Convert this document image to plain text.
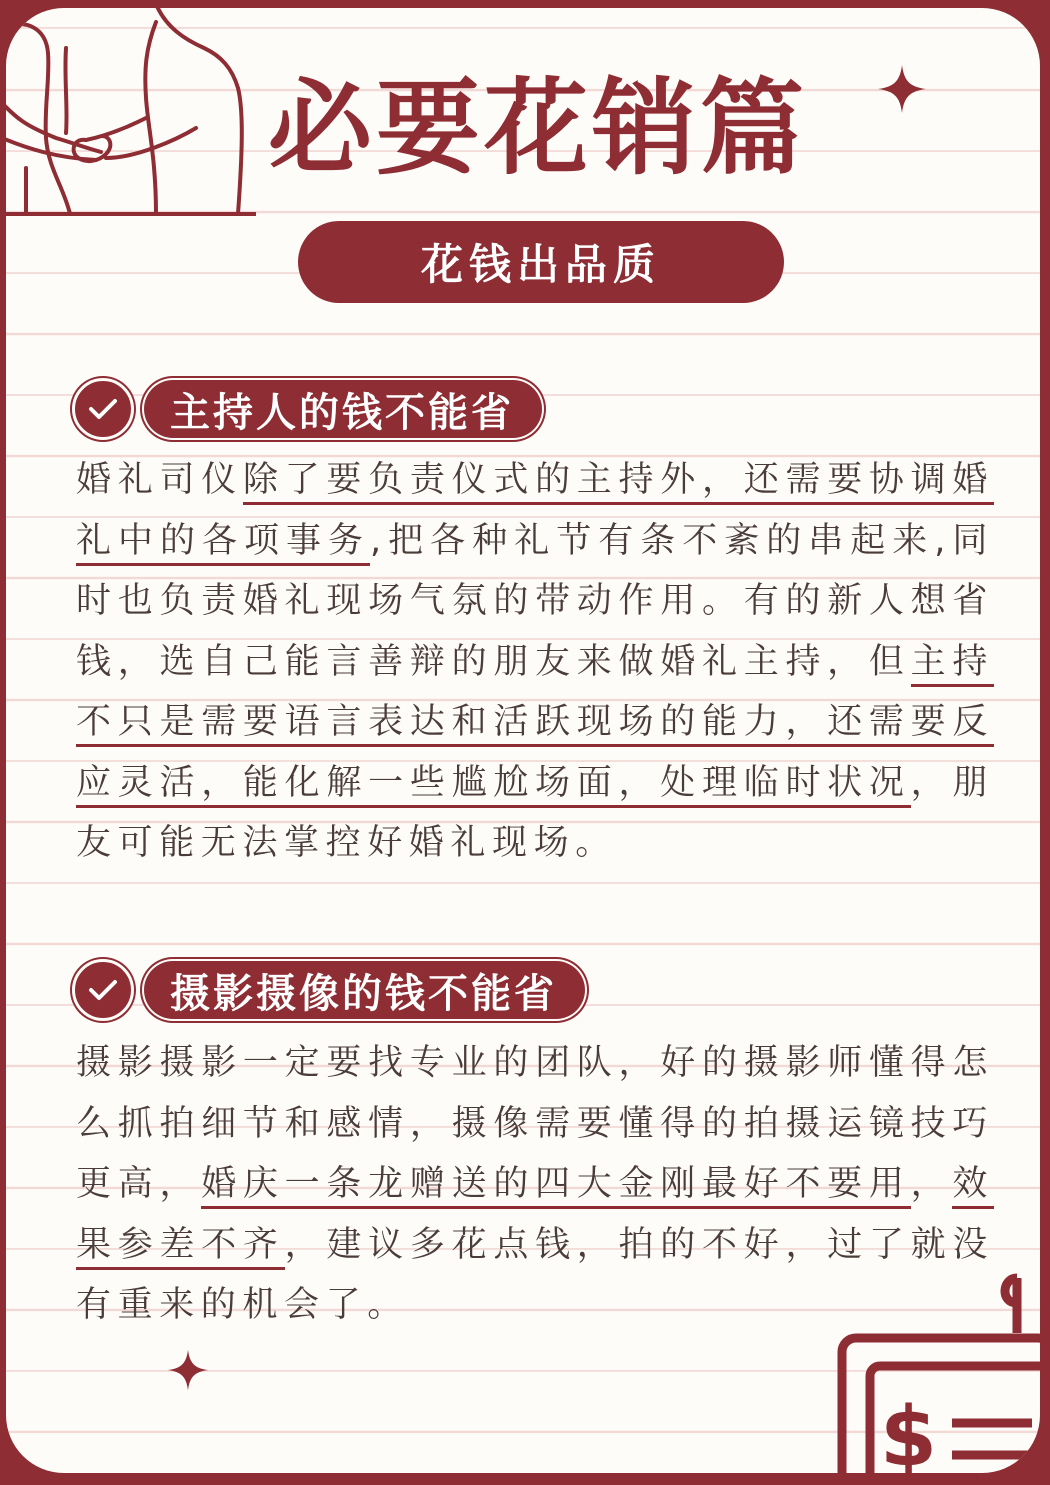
必要花销篇
花钱出品质
主持人的钱不能省
婚礼司仪除了要负责仪式的主持外，还需要协调婚礼中的各项事务,把各种礼节有条不紊的串起来,同时也负责婚礼现场气氛的带动作用。有的新人想省钱，选自己能言善辩的朋友来做婚礼主持，但主持不只是需要语言表达和活跃现场的能力，还需要反应灵活，能化解一些尴尬场面，处理临时状况，朋友可能无法掌控好婚礼现场。
摄影摄像的钱不能省
摄影摄影一定要找专业的团队，好的摄影师懂得怎么抓拍细节和感情，摄像需要懂得的拍摄运镜技巧更高，婚庆一条龙赠送的四大金刚最好不要用，效果参差不齐，建议多花点钱，拍的不好，过了就没有重来的机会了。
$
